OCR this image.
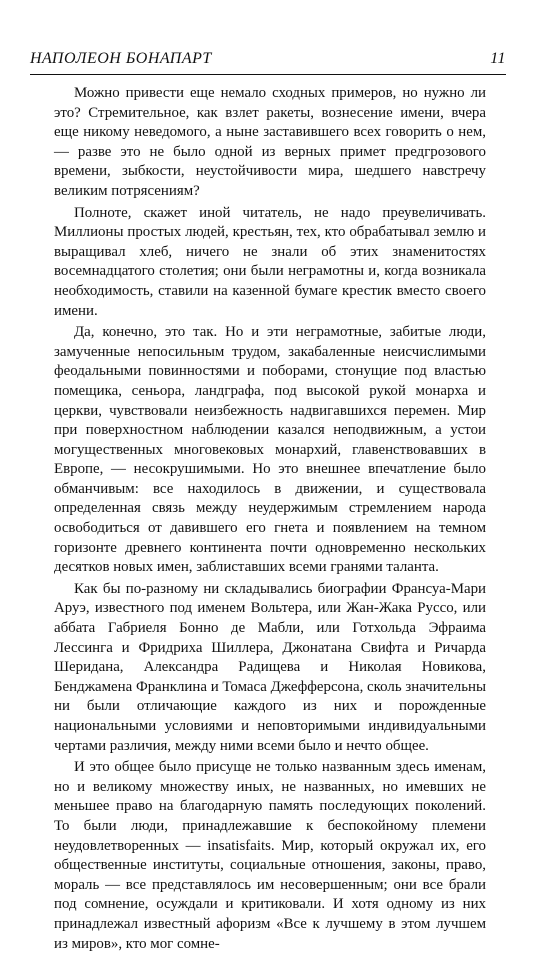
НАПОЛЕОН БОНАПАРТ	11

Можно привести еще немало сходных примеров, но нужно ли это? Стремительное, как взлет ракеты, вознесение имени, вчера еще никому неведомого, а ныне заставившего всех говорить о нем, — разве это не было одной из верных примет предгрозового времени, зыбкости, неустойчивости мира, шедшего навстречу великим потрясениям?

Полноте, скажет иной читатель, не надо преувеличивать. Миллионы простых людей, крестьян, тех, кто обрабатывал землю и выращивал хлеб, ничего не знали об этих знаменитостях восемнадцатого столетия; они были неграмотны и, когда возникала необходимость, ставили на казенной бумаге крестик вместо своего имени.

Да, конечно, это так. Но и эти неграмотные, забитые люди, замученные непосильным трудом, закабаленные неисчислимыми феодальными повинностями и поборами, стонущие под властью помещика, сеньора, ландграфа, под высокой рукой монарха и церкви, чувствовали неизбежность надвигавшихся перемен. Мир при поверхностном наблюдении казался неподвижным, а устои могущественных многовековых монархий, главенствовавших в Европе, — несокрушимыми. Но это внешнее впечатление было обманчивым: все находилось в движении, и существовала определенная связь между неудержимым стремлением народа освободиться от давившего его гнета и появлением на темном горизонте древнего континента почти одновременно нескольких десятков новых имен, заблиставших всеми гранями таланта.

Как бы по-разному ни складывались биографии Франсуа-Мари Аруэ, известного под именем Вольтера, или Жан-Жака Руссо, или аббата Габриеля Бонно де Мабли, или Готхольда Эфраима Лессинга и Фридриха Шиллера, Джонатана Свифта и Ричарда Шеридана, Александра Радищева и Николая Новикова, Бенджамена Франклина и Томаса Джефферсона, сколь значительны ни были отличающие каждого из них и порожденные национальными условиями и неповторимыми индивидуальными чертами различия, между ними всеми было и нечто общее.

И это общее было присуще не только названным здесь именам, но и великому множеству иных, не названных, но имевших не меньшее право на благодарную память последующих поколений. То были люди, принадлежавшие к беспокойному племени неудовлетворенных — insatisfaits. Мир, который окружал их, его общественные институты, социальные отношения, законы, право, мораль — все представлялось им несовершенным; они все брали под сомнение, осуждали и критиковали. И хотя одному из них принадлежал известный афоризм «Все к лучшему в этом лучшем из миров», кто мог сомне-
